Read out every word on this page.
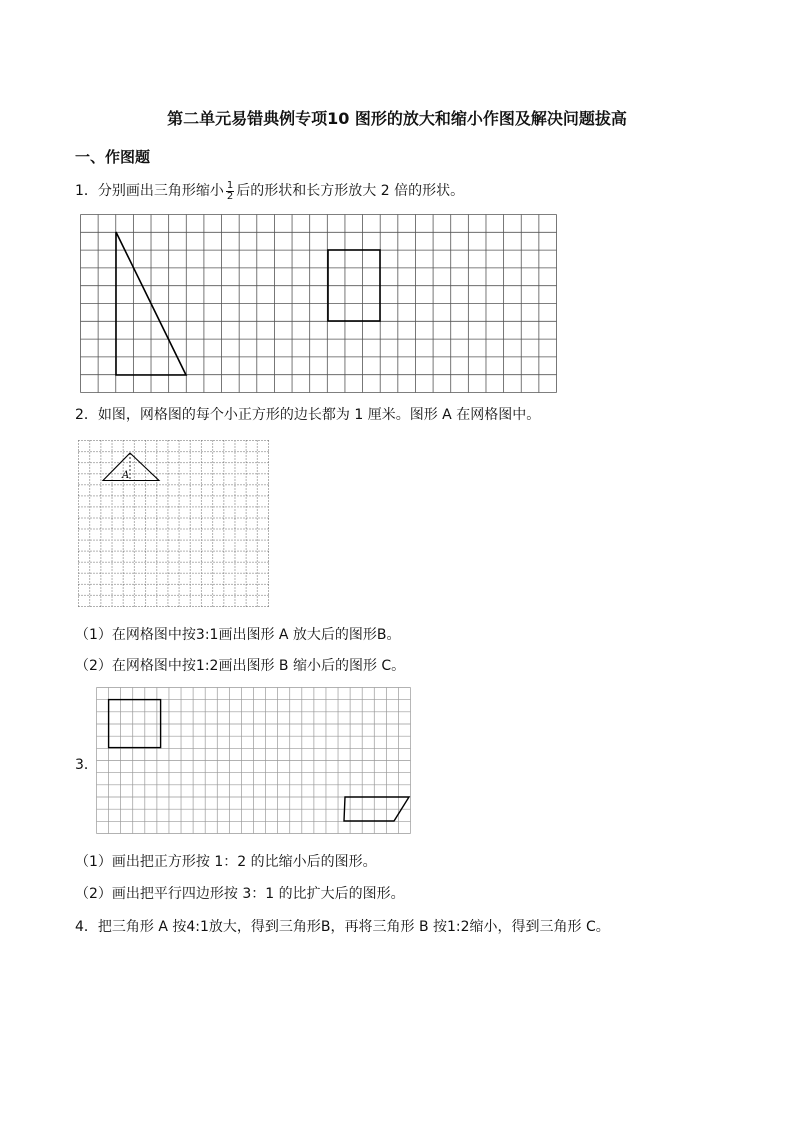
第二单元易错典例专项10 图形的放大和缩小作图及解决问题拔高
一、作图题
1．分别画出三角形缩小 $\frac{1}{2}$ 后的形状和长方形放大 2 倍的形状。
2．如图，网格图的每个小正方形的边长都为 1 厘米。图形 A 在网格图中。
A
（1）在网格图中按3:1画出图形 A 放大后的图形B。
（2）在网格图中按1:2画出图形 B 缩小后的图形 C。
3．
（1）画出把正方形按 1：2 的比缩小后的图形。
（2）画出把平行四边形按 3：1 的比扩大后的图形。
4．把三角形 A 按4:1放大，得到三角形B，再将三角形 B 按1:2缩小，得到三角形 C。
